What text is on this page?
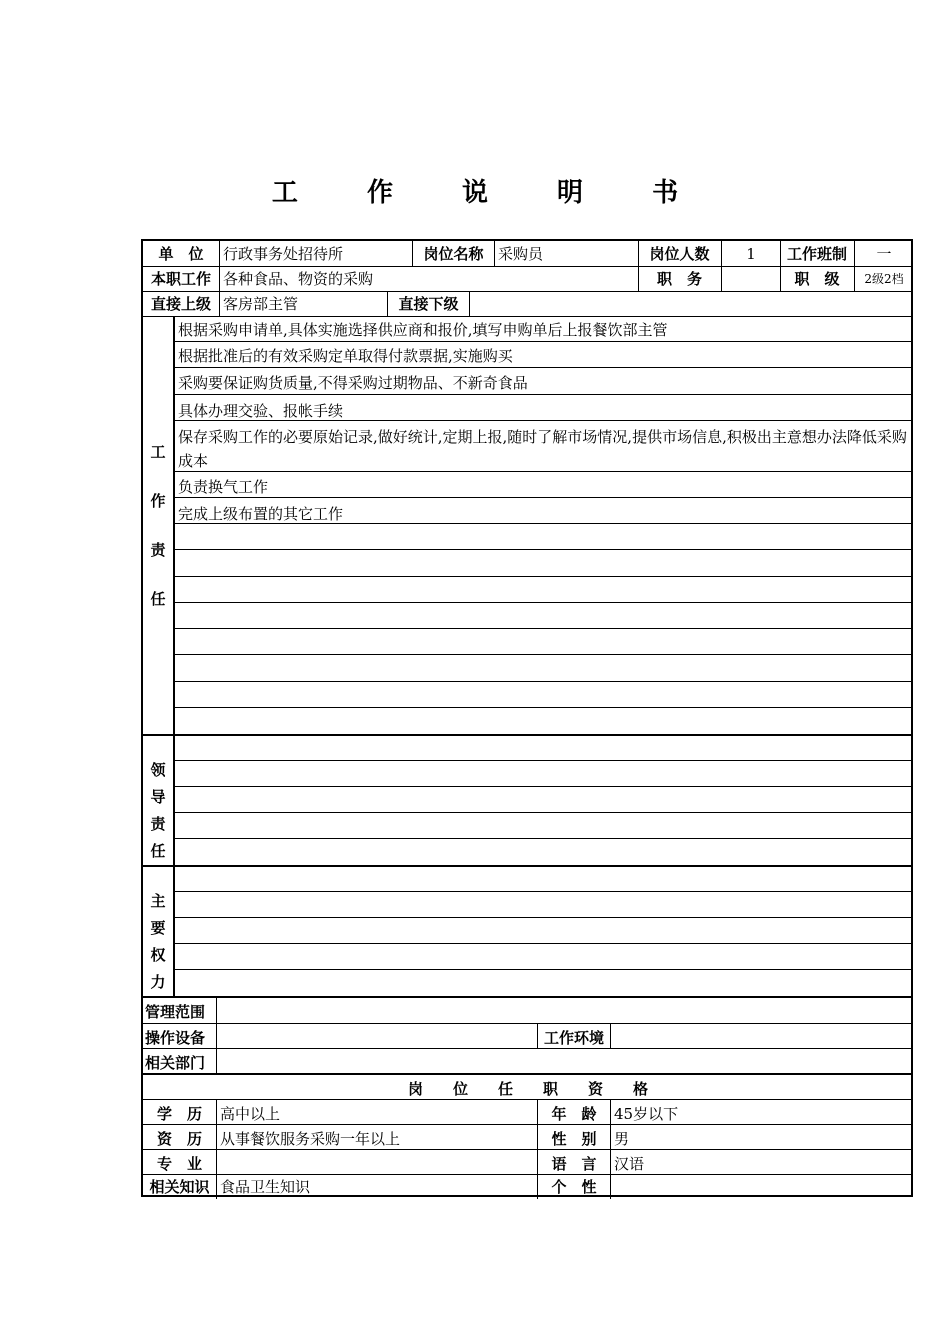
工 作 说 明 书
单　位	行政事务处招待所	岗位名称 采购员	岗位人数	1	工作班制	一
本职工作 各种食品、物资的采购	职　务	职　级	2级2档
直接上级 客房部主管	直接下级
工
作
责
任
根据采购申请单,具体实施选择供应商和报价,填写申购单后上报餐饮部主管
根据批准后的有效采购定单取得付款票据,实施购买
采购要保证购货质量,不得采购过期物品、不新奇食品
具体办理交验、报帐手续
保存采购工作的必要原始记录,做好统计,定期上报,随时了解市场情况,提供市场信息,积极出主意想办法降低采购成本
负责换气工作
完成上级布置的其它工作
领
导
责
任
主
要
权
力
管理范围
操作设备	工作环境
相关部门
岗　　位　　任　　职　　资　　格
学　历	高中以上	年　龄	45岁以下
资　历	从事餐饮服务采购一年以上	性　别	男
专　业	语　言	汉语
相关知识 食品卫生知识	个　性
